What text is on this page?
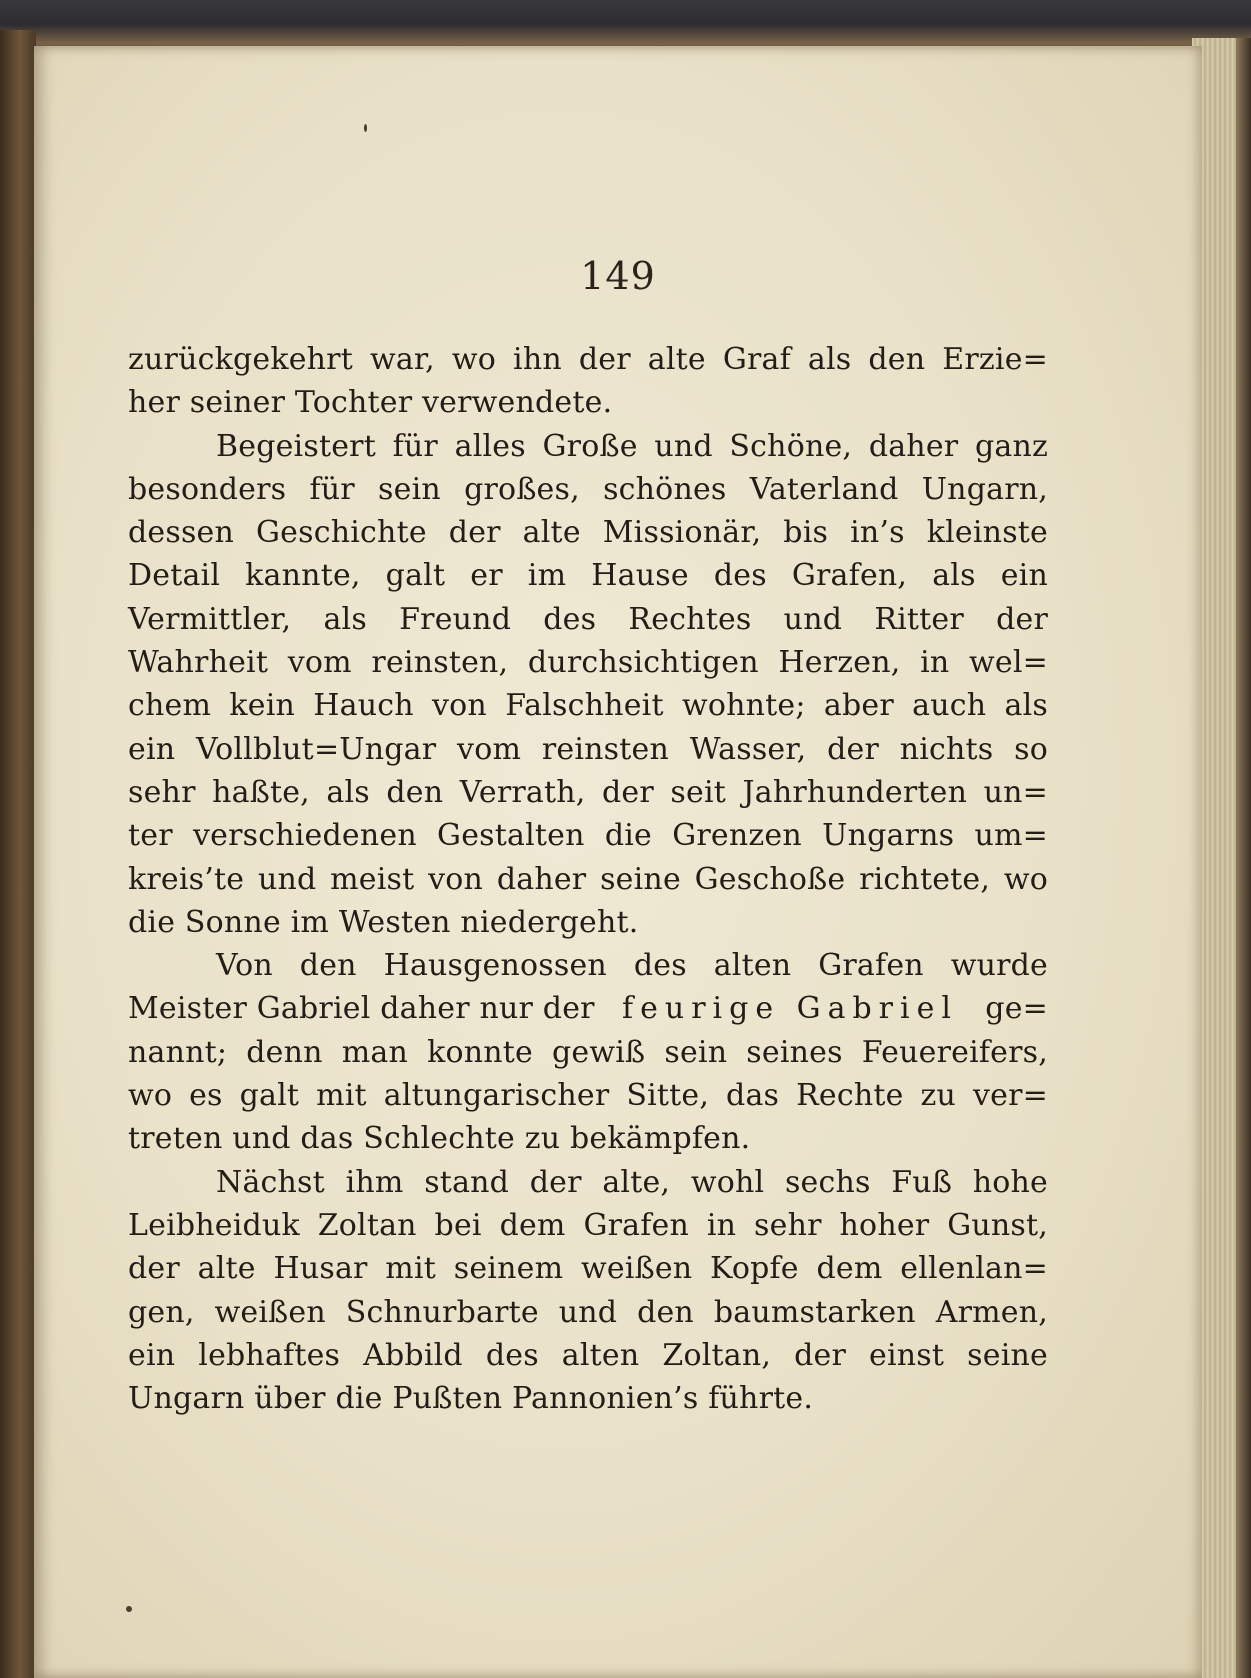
149
zurückgekehrt war, wo ihn der alte Graf als den Erzie=
her seiner Tochter verwendete.
Begeistert für alles Große und Schöne, daher ganz
besonders für sein großes, schönes Vaterland Ungarn,
dessen Geschichte der alte Missionär, bis in’s kleinste
Detail kannte, galt er im Hause des Grafen, als ein
Vermittler, als Freund des Rechtes und Ritter der
Wahrheit vom reinsten, durchsichtigen Herzen, in wel=
chem kein Hauch von Falschheit wohnte; aber auch als
ein Vollblut=Ungar vom reinsten Wasser, der nichts so
sehr haßte, als den Verrath, der seit Jahrhunderten un=
ter verschiedenen Gestalten die Grenzen Ungarns um=
kreis’te und meist von daher seine Geschoße richtete, wo
die Sonne im Westen niedergeht.
Von den Hausgenossen des alten Grafen wurde
Meister Gabriel daher nur der feurige Gabriel ge=
nannt; denn man konnte gewiß sein seines Feuereifers,
wo es galt mit altungarischer Sitte, das Rechte zu ver=
treten und das Schlechte zu bekämpfen.
Nächst ihm stand der alte, wohl sechs Fuß hohe
Leibheiduk Zoltan bei dem Grafen in sehr hoher Gunst,
der alte Husar mit seinem weißen Kopfe dem ellenlan=
gen, weißen Schnurbarte und den baumstarken Armen,
ein lebhaftes Abbild des alten Zoltan, der einst seine
Ungarn über die Pußten Pannonien’s führte.
